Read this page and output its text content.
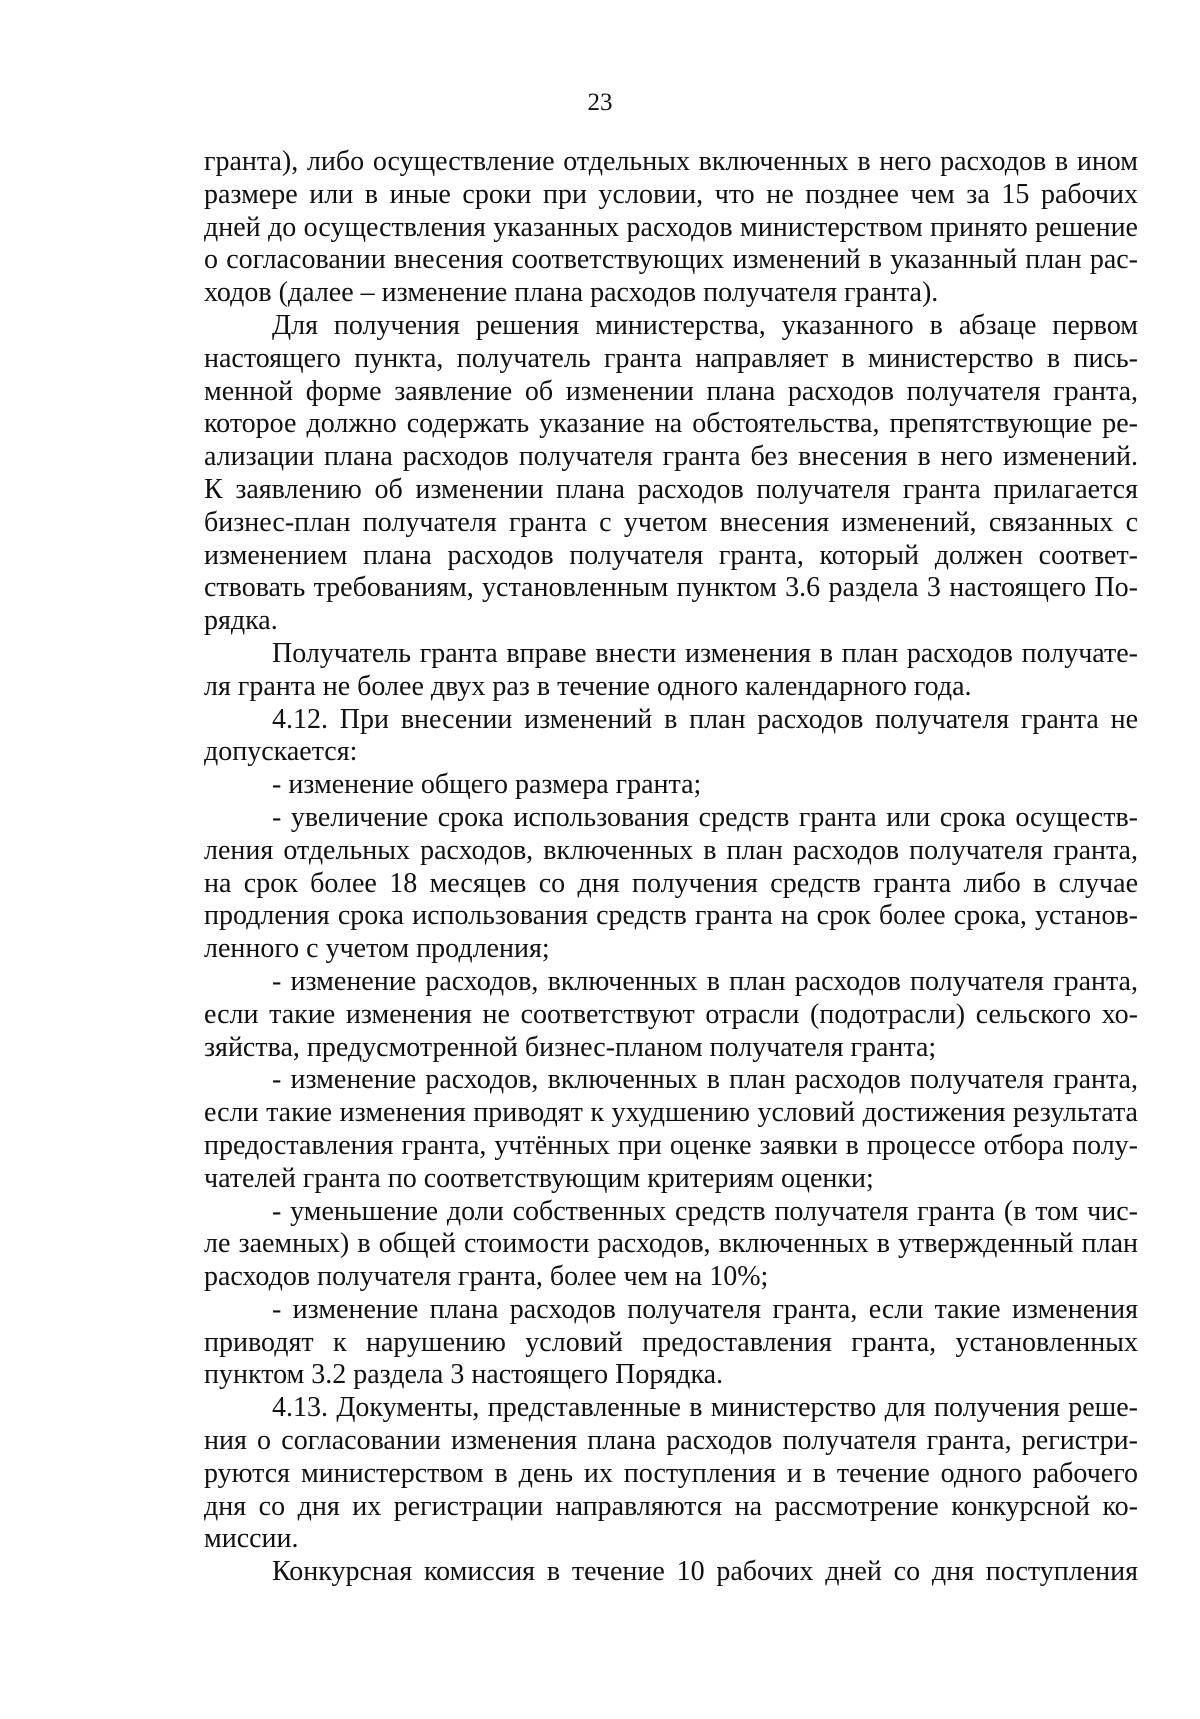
23
гранта), либо осуществление отдельных включенных в него расходов в ином
размере или в иные сроки при условии, что не позднее чем за 15 рабочих
дней до осуществления указанных расходов министерством принято решение
о согласовании внесения соответствующих изменений в указанный план рас-
ходов (далее – изменение плана расходов получателя гранта).
Для получения решения министерства, указанного в абзаце первом
настоящего пункта, получатель гранта направляет в министерство в пись-
менной форме заявление об изменении плана расходов получателя гранта,
которое должно содержать указание на обстоятельства, препятствующие ре-
ализации плана расходов получателя гранта без внесения в него изменений.
К заявлению об изменении плана расходов получателя гранта прилагается
бизнес-план получателя гранта с учетом внесения изменений, связанных с
изменением плана расходов получателя гранта, который должен соответ-
ствовать требованиям, установленным пунктом 3.6 раздела 3 настоящего По-
рядка.
Получатель гранта вправе внести изменения в план расходов получате-
ля гранта не более двух раз в течение одного календарного года.
4.12. При внесении изменений в план расходов получателя гранта не
допускается:
- изменение общего размера гранта;
- увеличение срока использования средств гранта или срока осуществ-
ления отдельных расходов, включенных в план расходов получателя гранта,
на срок более 18 месяцев со дня получения средств гранта либо в случае
продления срока использования средств гранта на срок более срока, установ-
ленного с учетом продления;
- изменение расходов, включенных в план расходов получателя гранта,
если такие изменения не соответствуют отрасли (подотрасли) сельского хо-
зяйства, предусмотренной бизнес-планом получателя гранта;
- изменение расходов, включенных в план расходов получателя гранта,
если такие изменения приводят к ухудшению условий достижения результата
предоставления гранта, учтённых при оценке заявки в процессе отбора полу-
чателей гранта по соответствующим критериям оценки;
- уменьшение доли собственных средств получателя гранта (в том чис-
ле заемных) в общей стоимости расходов, включенных в утвержденный план
расходов получателя гранта, более чем на 10%;
- изменение плана расходов получателя гранта, если такие изменения
приводят к нарушению условий предоставления гранта, установленных
пунктом 3.2 раздела 3 настоящего Порядка.
4.13. Документы, представленные в министерство для получения реше-
ния о согласовании изменения плана расходов получателя гранта, регистри-
руются министерством в день их поступления и в течение одного рабочего
дня со дня их регистрации направляются на рассмотрение конкурсной ко-
миссии.
Конкурсная комиссия в течение 10 рабочих дней со дня поступления
